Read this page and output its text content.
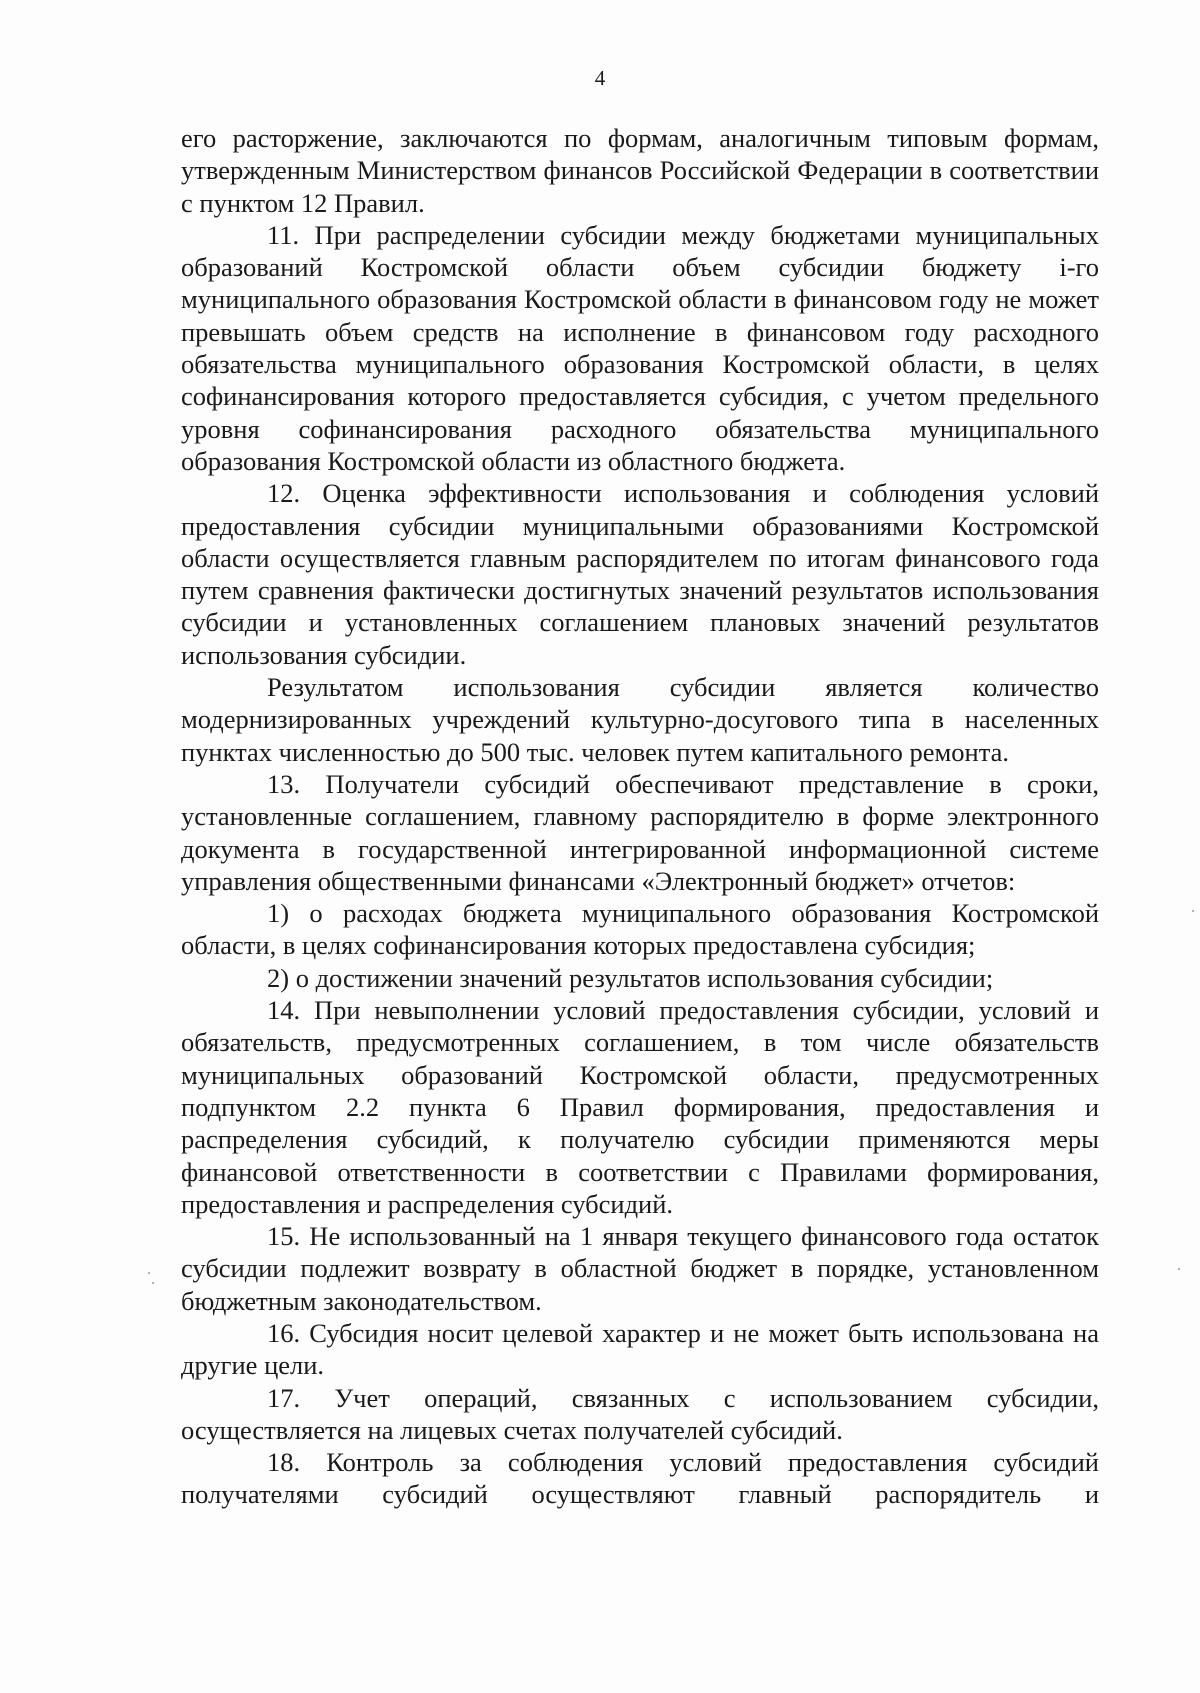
4

его расторжение, заключаются по формам, аналогичным типовым формам, утвержденным Министерством финансов Российской Федерации в соответствии с пунктом 12 Правил.

11. При распределении субсидии между бюджетами муниципальных образований Костромской области объем субсидии бюджету i-го муниципального образования Костромской области в финансовом году не может превышать объем средств на исполнение в финансовом году расходного обязательства муниципального образования Костромской области, в целях софинансирования которого предоставляется субсидия, с учетом предельного уровня софинансирования расходного обязательства муниципального образования Костромской области из областного бюджета.

12. Оценка эффективности использования и соблюдения условий предоставления субсидии муниципальными образованиями Костромской области осуществляется главным распорядителем по итогам финансового года путем сравнения фактически достигнутых значений результатов использования субсидии и установленных соглашением плановых значений результатов использования субсидии.

Результатом использования субсидии является количество модернизированных учреждений культурно-досугового типа в населенных пунктах численностью до 500 тыс. человек путем капитального ремонта.

13. Получатели субсидий обеспечивают представление в сроки, установленные соглашением, главному распорядителю в форме электронного документа в государственной интегрированной информационной системе управления общественными финансами «Электронный бюджет» отчетов:

1) о расходах бюджета муниципального образования Костромской области, в целях софинансирования которых предоставлена субсидия;

2) о достижении значений результатов использования субсидии;

14. При невыполнении условий предоставления субсидии, условий и обязательств, предусмотренных соглашением, в том числе обязательств муниципальных образований Костромской области, предусмотренных подпунктом 2.2 пункта 6 Правил формирования, предоставления и распределения субсидий, к получателю субсидии применяются меры финансовой ответственности в соответствии с Правилами формирования, предоставления и распределения субсидий.

15. Не использованный на 1 января текущего финансового года остаток субсидии подлежит возврату в областной бюджет в порядке, установленном бюджетным законодательством.

16. Субсидия носит целевой характер и не может быть использована на другие цели.

17. Учет операций, связанных с использованием субсидии, осуществляется на лицевых счетах получателей субсидий.

18. Контроль за соблюдения условий предоставления субсидий получателями субсидий осуществляют главный распорядитель и
